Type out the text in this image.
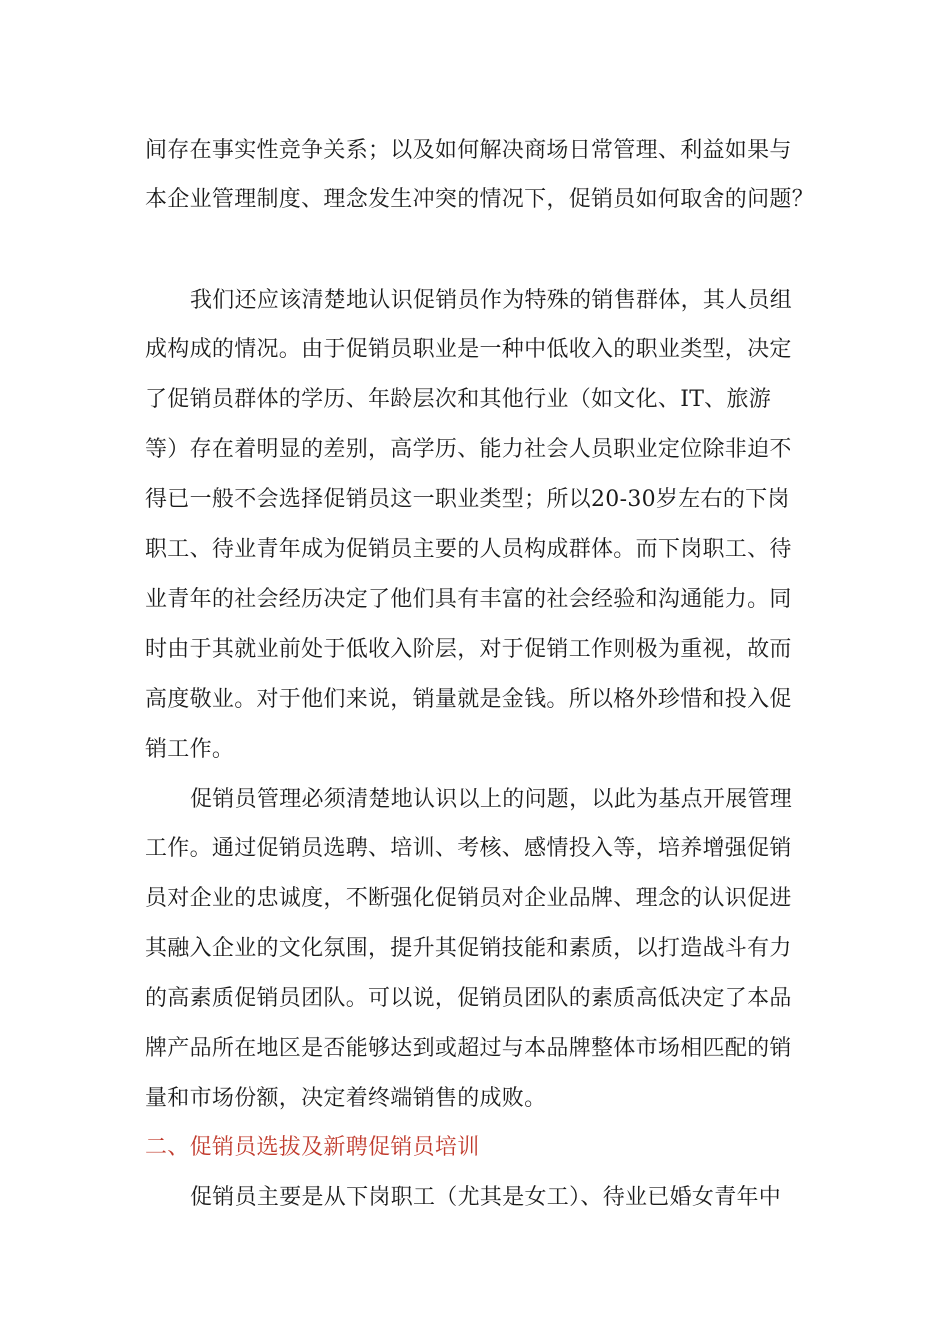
间存在事实性竞争关系；以及如何解决商场日常管理、利益如果与
本企业管理制度、理念发生冲突的情况下，促销员如何取舍的问题？
我们还应该清楚地认识促销员作为特殊的销售群体，其人员组
成构成的情况。由于促销员职业是一种中低收入的职业类型，决定
了促销员群体的学历、年龄层次和其他行业（如文化、IT、旅游
等）存在着明显的差别，高学历、能力社会人员职业定位除非迫不
得已一般不会选择促销员这一职业类型；所以20-30岁左右的下岗
职工、待业青年成为促销员主要的人员构成群体。而下岗职工、待
业青年的社会经历决定了他们具有丰富的社会经验和沟通能力。同
时由于其就业前处于低收入阶层，对于促销工作则极为重视，故而
高度敬业。对于他们来说，销量就是金钱。所以格外珍惜和投入促
销工作。
促销员管理必须清楚地认识以上的问题，以此为基点开展管理
工作。通过促销员选聘、培训、考核、感情投入等，培养增强促销
员对企业的忠诚度，不断强化促销员对企业品牌、理念的认识促进
其融入企业的文化氛围，提升其促销技能和素质，以打造战斗有力
的高素质促销员团队。可以说，促销员团队的素质高低决定了本品
牌产品所在地区是否能够达到或超过与本品牌整体市场相匹配的销
量和市场份额，决定着终端销售的成败。
二、促销员选拔及新聘促销员培训
促销员主要是从下岗职工（尤其是女工）、待业已婚女青年中
